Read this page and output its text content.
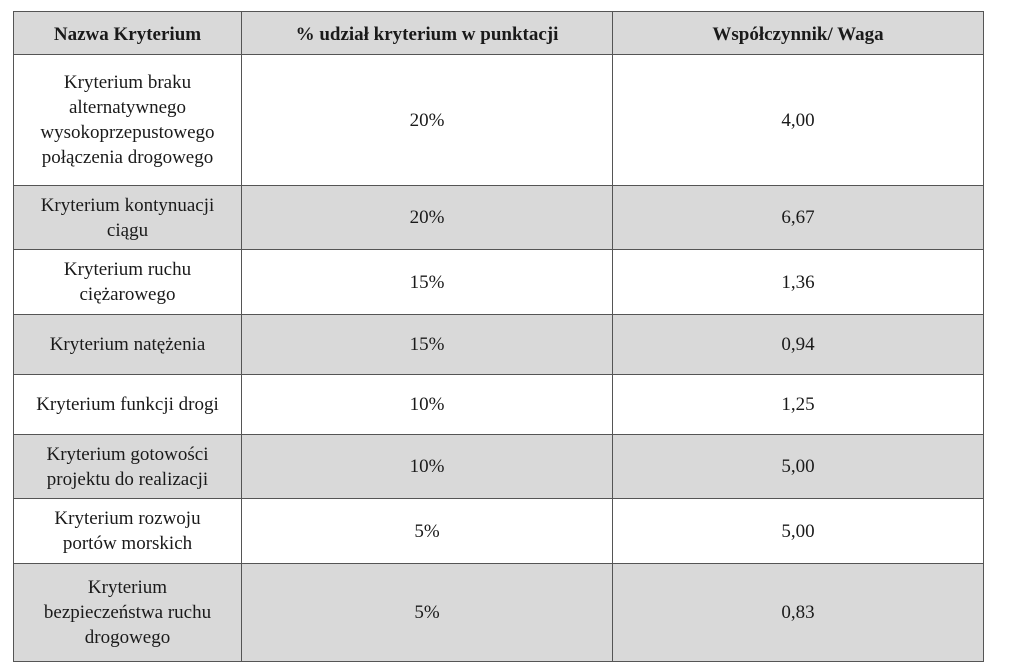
Nazwa Kryterium	% udział kryterium w punktacji	Współczynnik/ Waga
Kryterium braku alternatywnego wysokoprzepustowego połączenia drogowego	20%	4,00
Kryterium kontynuacji ciągu	20%	6,67
Kryterium ruchu ciężarowego	15%	1,36
Kryterium natężenia	15%	0,94
Kryterium funkcji drogi	10%	1,25
Kryterium gotowości projektu do realizacji	10%	5,00
Kryterium rozwoju portów morskich	5%	5,00
Kryterium bezpieczeństwa ruchu drogowego	5%	0,83
